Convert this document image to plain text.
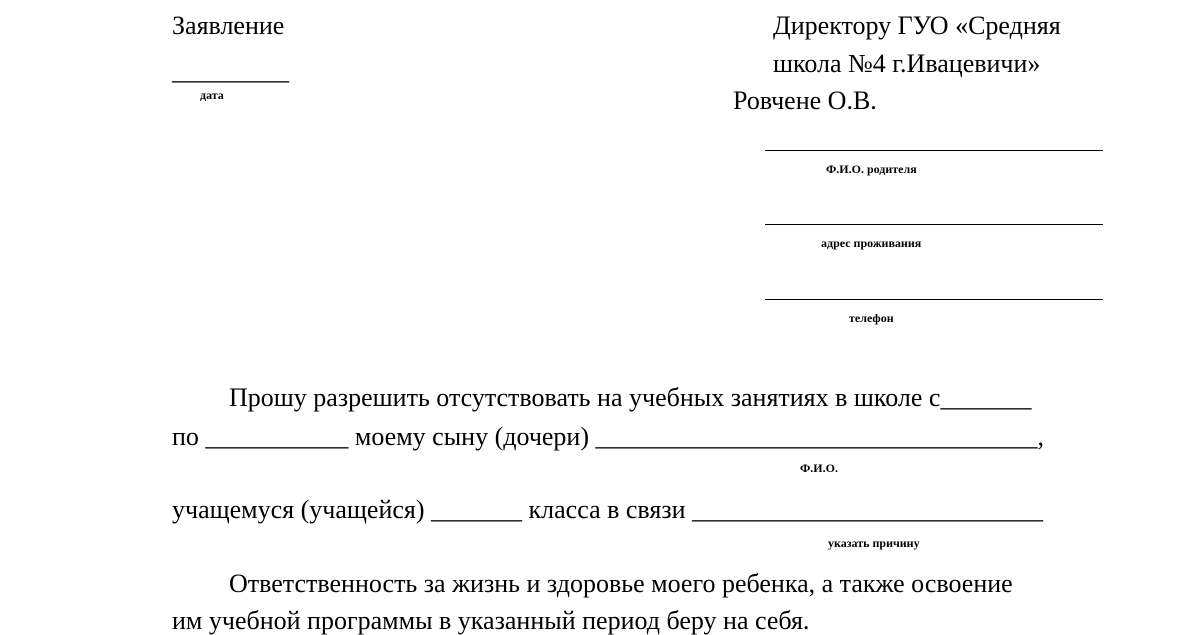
Заявление
_________
дата
Директору ГУО «Средняя
школа №4 г.Ивацевичи»
Ровчене О.В.
Ф.И.О. родителя
адрес проживания
телефон
Прошу разрешить отсутствовать на учебных занятиях в школе с_______
по ___________ моему сыну (дочери) __________________________________,
Ф.И.О.
учащемуся (учащейся) _______ класса в связи ___________________________
указать причину
Ответственность за жизнь и здоровье моего ребенка, а также освоение
им учебной программы в указанный период беру на себя.
